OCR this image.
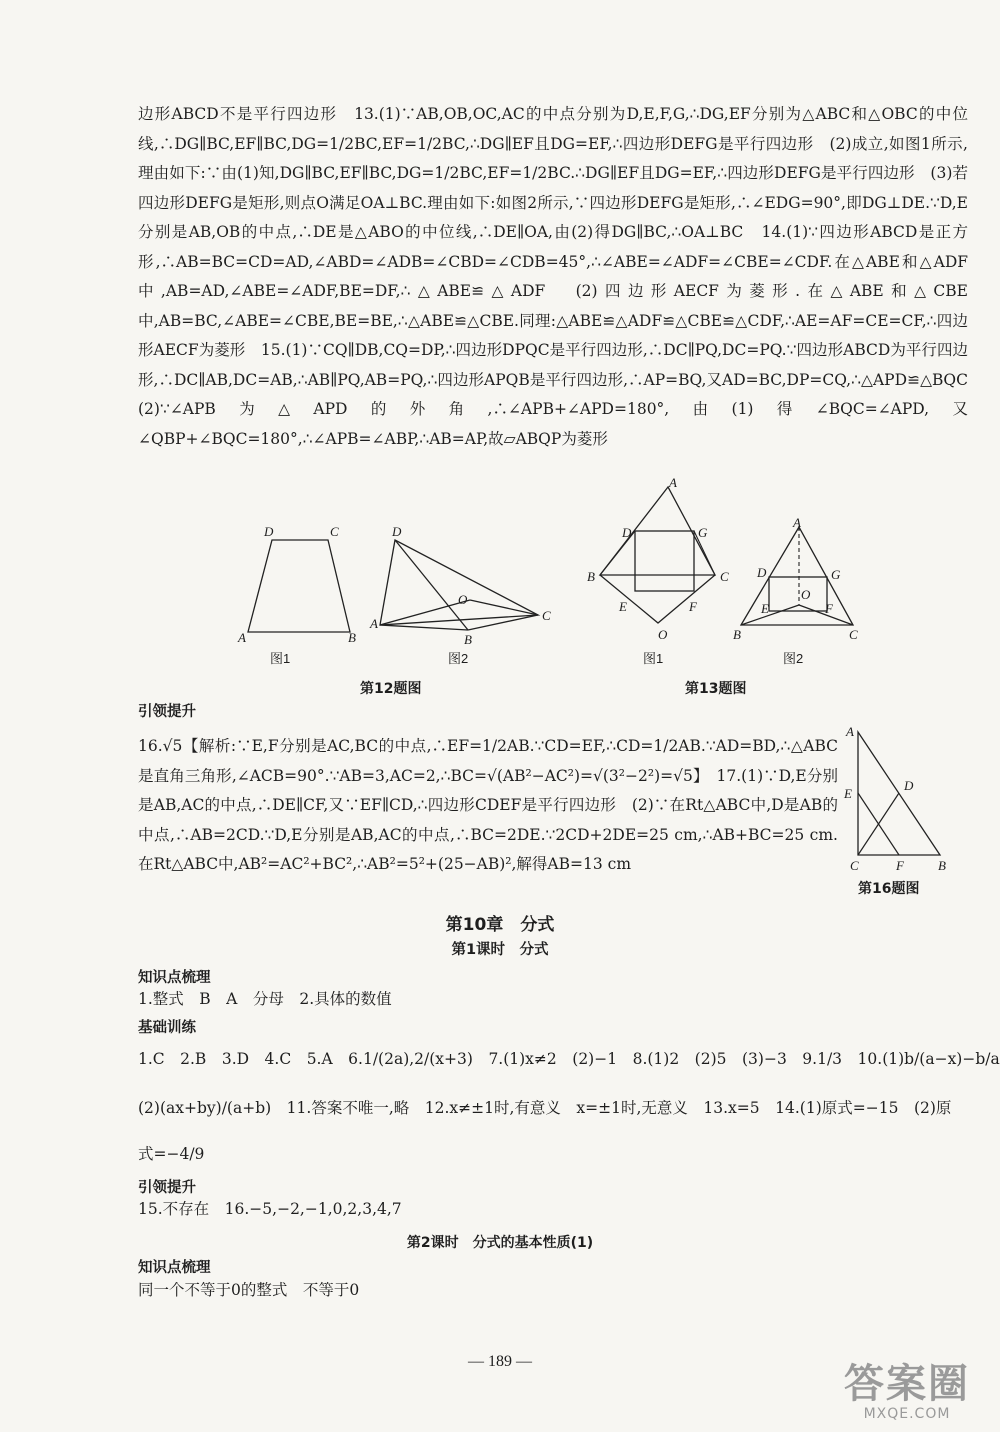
边形ABCD不是平行四边形　13.(1)∵AB,OB,OC,AC的中点分别为D,E,F,G,∴DG,EF分别为△ABC和△OBC的中位线,∴DG∥BC,EF∥BC,DG=1/2BC,EF=1/2BC,∴DG∥EF且DG=EF,∴四边形DEFG是平行四边形　(2)成立,如图1所示,理由如下:∵由(1)知,DG∥BC,EF∥BC,DG=1/2BC,EF=1/2BC.∴DG∥EF且DG=EF,∴四边形DEFG是平行四边形　(3)若四边形DEFG是矩形,则点O满足OA⊥BC.理由如下:如图2所示,∵四边形DEFG是矩形,∴∠EDG=90°,即DG⊥DE.∵D,E分别是AB,OB的中点,∴DE是△ABO的中位线,∴DE∥OA,由(2)得DG∥BC,∴OA⊥BC　14.(1)∵四边形ABCD是正方形,∴AB=BC=CD=AD,∠ABD=∠ADB=∠CBD=∠CDB=45°,∴∠ABE=∠ADF=∠CBE=∠CDF.在△ABE和△ADF中,AB=AD,∠ABE=∠ADF,BE=DF,∴△ABE≌△ADF　(2)四边形AECF为菱形.在△ABE和△CBE中,AB=BC,∠ABE=∠CBE,BE=BE,∴△ABE≌△CBE.同理:△ABE≌△ADF≌△CBE≌△CDF,∴AE=AF=CE=CF,∴四边形AECF为菱形　15.(1)∵CQ∥DB,CQ=DP,∴四边形DPQC是平行四边形,∴DC∥PQ,DC=PQ.∵四边形ABCD为平行四边形,∴DC∥AB,DC=AB,∴AB∥PQ,AB=PQ,∴四边形APQB是平行四边形,∴AP=BQ,又AD=BC,DP=CQ,∴△APD≌△BQC　(2)∵∠APB为△APD的外角,∴∠APB+∠APD=180°,由(1)得∠BQC=∠APD,又∠QBP+∠BQC=180°,∴∠APB=∠ABP,∴AB=AP,故▱ABQP为菱形

D	C
A	B
D
O
A
B
C
图1	图2
A
D	G
B	C
E	F
O
A
D	G
E
O
F
B	C
图1	图2
第12题图	第13题图
引领提升

16.√5【解析:∵E,F分别是AC,BC的中点,∴EF=1/2AB.∵CD=EF,∴CD=1/2AB.∵AD=BD,∴△ABC是直角三角形,∠ACB=90°.∵AB=3,AC=2,∴BC=√(AB²−AC²)=√(3²−2²)=√5】　17.(1)∵D,E分别是AB,AC的中点,∴DE∥CF,又∵EF∥CD,∴四边形CDEF是平行四边形　(2)∵在Rt△ABC中,D是AB的中点,∴AB=2CD.∵D,E分别是AB,AC的中点,∴BC=2DE.∵2CD+2DE=25 cm,∴AB+BC=25 cm.在Rt△ABC中,AB²=AC²+BC²,∴AB²=5²+(25−AB)²,解得AB=13 cm

A
E
D
C	F	B
第16题图
第10章　分式
第1课时　分式
知识点梳理
1.整式　B　A　分母　2.具体的数值
基础训练
1.C　2.B　3.D　4.C　5.A　6.1/(2a),2/(x+3)　7.(1)x≠2　(2)−1　8.(1)2　(2)5　(3)−3　9.1/3　10.(1)b/(a−x)−b/a
(2)(ax+by)/(a+b)　11.答案不唯一,略　12.x≠±1时,有意义　x=±1时,无意义　13.x=5　14.(1)原式=−15　(2)原
式=−4/9
引领提升
15.不存在　16.−5,−2,−1,0,2,3,4,7
第2课时　分式的基本性质(1)
知识点梳理
同一个不等于0的整式　不等于0
— 189 —	答案圈
MXQE.COM
